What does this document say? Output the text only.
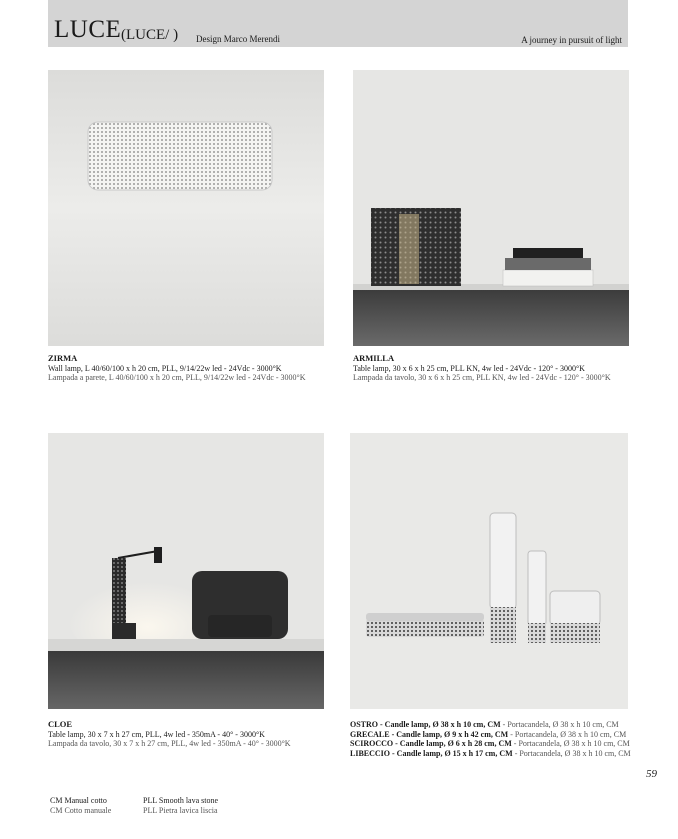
LUCE (LUCE/ ) Design Marco Merendi	A journey in pursuit of light
ZIRMA
Wall lamp, L 40/60/100 x h 20 cm, PLL, 9/14/22w led - 24Vdc - 3000°K
Lampada a parete, L 40/60/100 x h 20 cm, PLL, 9/14/22w led - 24Vdc - 3000°K
ARMILLA
Table lamp, 30 x 6 x h 25 cm, PLL KN, 4w led - 24Vdc - 120° - 3000°K
Lampada da tavolo, 30 x 6 x h 25 cm, PLL KN, 4w led - 24Vdc - 120° - 3000°K
CLOE
Table lamp, 30 x 7 x h 27 cm, PLL, 4w led - 350mA - 40° - 3000°K
Lampada da tavolo, 30 x 7 x h 27 cm, PLL, 4w led - 350mA - 40° - 3000°K
OSTRO - Candle lamp, Ø 38 x h 10 cm, CM - Portacandela, Ø 38 x h 10 cm, CM
GRECALE - Candle lamp, Ø 9 x h 42 cm, CM - Portacandela, Ø 38 x h 10 cm, CM
SCIROCCO - Candle lamp, Ø 6 x h 28 cm, CM - Portacandela, Ø 38 x h 10 cm, CM
LIBECCIO - Candle lamp, Ø 15 x h 17 cm, CM - Portacandela, Ø 38 x h 10 cm, CM
59
CM Manual cotto
CM Cotto manuale
PLL Smooth lava stone
PLL Pietra lavica liscia
